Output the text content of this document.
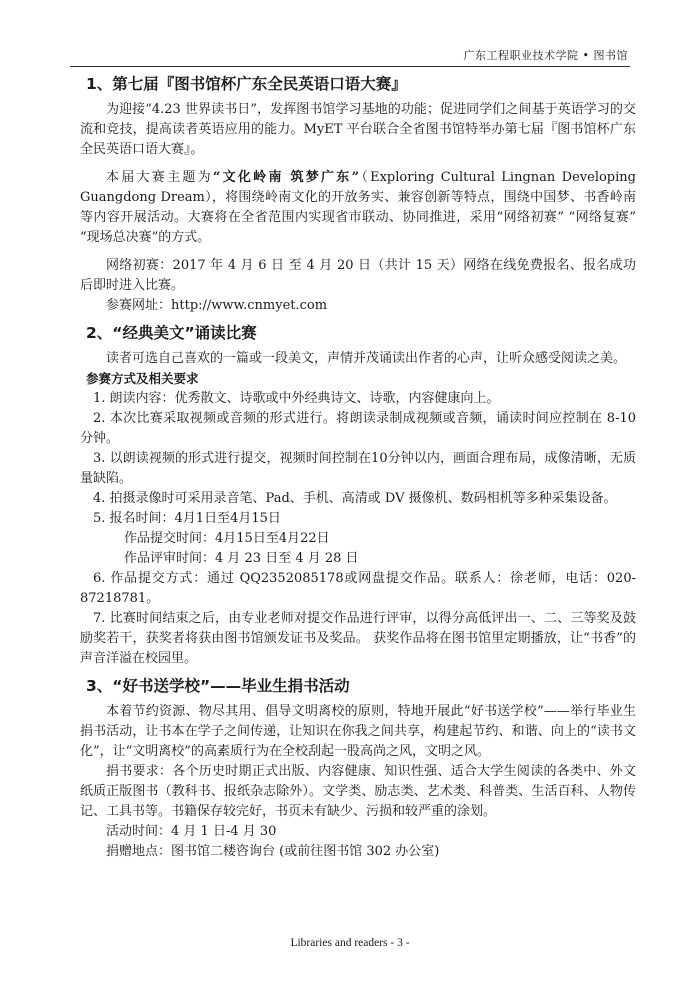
广东工程职业技术学院 • 图书馆
1、第七届『图书馆杯广东全民英语口语大赛』

为迎接“4.23 世界读书日”，发挥图书馆学习基地的功能；促进同学们之间基于英语学习的交流和竞技，提高读者英语应用的能力。MyET 平台联合全省图书馆特举办第七届『图书馆杯广东全民英语口语大赛』。

本届大赛主题为“文化岭南 筑梦广东”（Exploring Cultural Lingnan Developing Guangdong Dream），将围绕岭南文化的开放务实、兼容创新等特点，围绕中国梦、书香岭南等内容开展活动。大赛将在全省范围内实现省市联动、协同推进，采用“网络初赛” “网络复赛” “现场总决赛”的方式。

网络初赛：2017 年 4 月 6 日 至 4 月 20 日（共计 15 天）网络在线免费报名、报名成功后即时进入比赛。

参赛网址：http://www.cnmyet.com

2、“经典美文”诵读比赛

读者可选自己喜欢的一篇或一段美文，声情并茂诵读出作者的心声，让听众感受阅读之美。

参赛方式及相关要求

1. 朗读内容：优秀散文、诗歌或中外经典诗文、诗歌，内容健康向上。

2. 本次比赛采取视频或音频的形式进行。将朗读录制成视频或音频，诵读时间应控制在 8-10 分钟。

3. 以朗读视频的形式进行提交，视频时间控制在10分钟以内，画面合理布局，成像清晰，无质量缺陷。

4. 拍摄录像时可采用录音笔、Pad、手机、高清或 DV 摄像机、数码相机等多种采集设备。

5. 报名时间：4月1日至4月15日

作品提交时间：4月15日至4月22日

作品评审时间：4 月 23 日至 4 月 28 日

6. 作品提交方式：通过 QQ2352085178或网盘提交作品。联系人：徐老师，电话：020-87218781。

7. 比赛时间结束之后，由专业老师对提交作品进行评审，以得分高低评出一、二、三等奖及鼓励奖若干，获奖者将获由图书馆颁发证书及奖品。 获奖作品将在图书馆里定期播放，让“书香”的声音洋溢在校园里。

3、“好书送学校”——毕业生捐书活动

本着节约资源、物尽其用、倡导文明离校的原则，特地开展此“好书送学校”——举行毕业生捐书活动，让书本在学子之间传递，让知识在你我之间共享，构建起节约、和谐、向上的“读书文化”，让“文明离校”的高素质行为在全校刮起一股高尚之风，文明之风。

捐书要求：各个历史时期正式出版、内容健康、知识性强、适合大学生阅读的各类中、外文纸质正版图书（教科书、报纸杂志除外）。文学类、励志类、艺术类、科普类、生活百科、人物传记、工具书等。书籍保存较完好，书页未有缺少、污损和较严重的涂划。

活动时间：4 月 1 日-4 月 30

捐赠地点：图书馆二楼咨询台 (或前往图书馆 302 办公室)

Libraries and readers - 3 -
